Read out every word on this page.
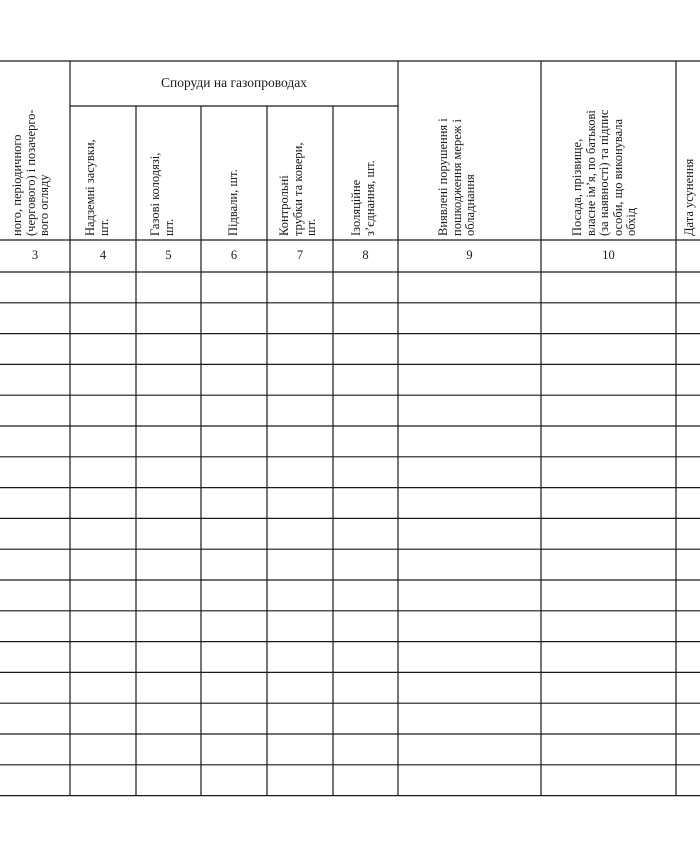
Споруди на газопроводах
ного, періодичного (чергового) і позачерго- вого огляду	Надземні засувки, шт.	Газові колодязі, шт.	Підвали, шт.	Контрольні трубки та ковери, шт.	Ізоляційне з’єднання, шт.	Виявлені порушення і пошкодження мереж і обладнання	Посада, прізвище, власне ім’я, по батькові (за наявності) та підпис особи, що виконувала обхід	Дата усунення
3	4	5	6	7	8	9	10
